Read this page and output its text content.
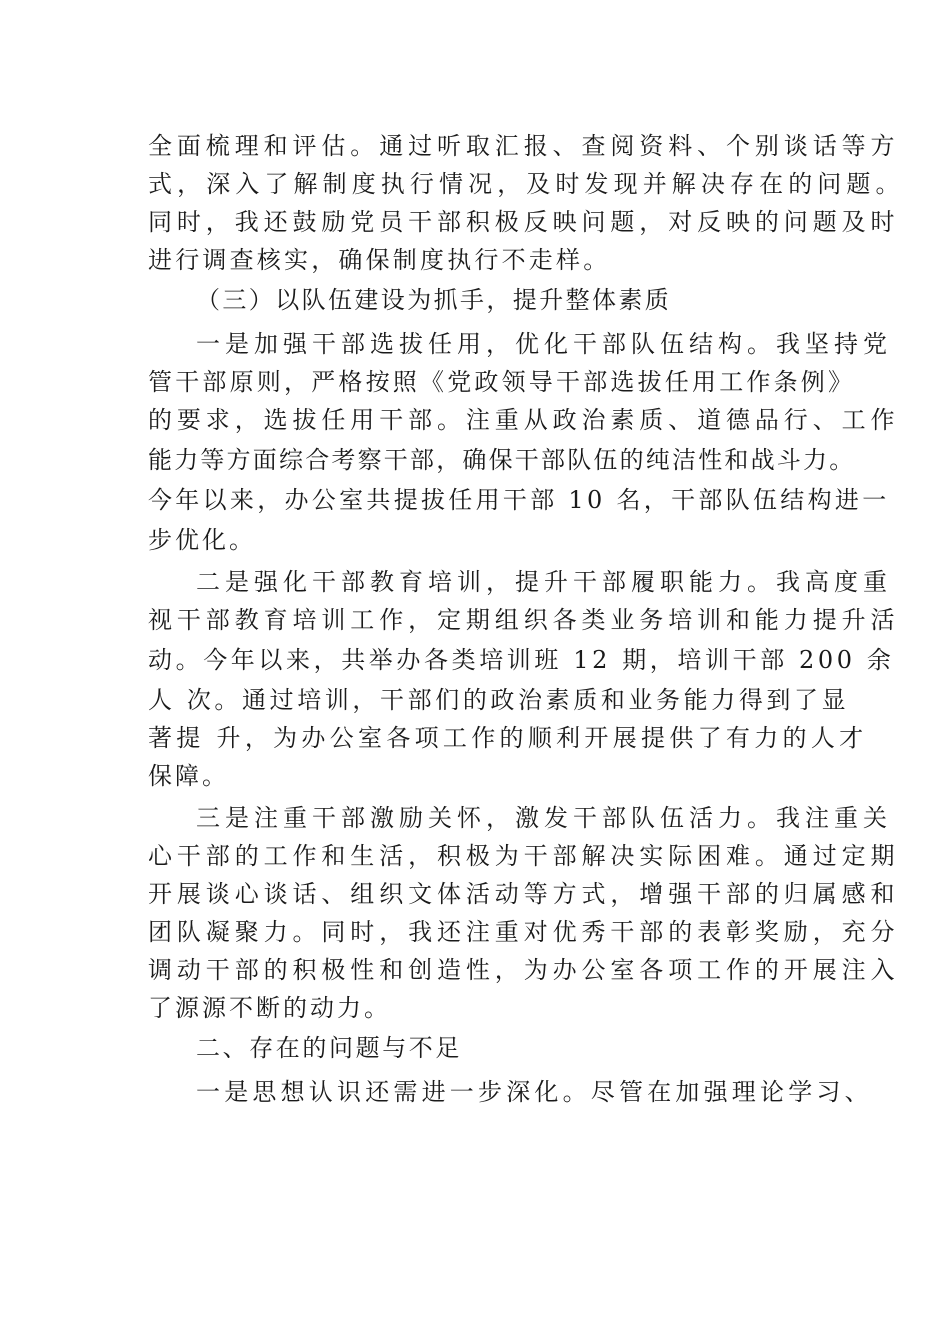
全面梳理和评估。通过听取汇报、查阅资料、个别谈话等方
式，深入了解制度执行情况，及时发现并解决存在的问题。
同时，我还鼓励党员干部积极反映问题，对反映的问题及时
进行调查核实，确保制度执行不走样。
（三）以队伍建设为抓手，提升整体素质
一是加强干部选拔任用，优化干部队伍结构。我坚持党
管干部原则，严格按照《党政领导干部选拔任用工作条例》
的要求，选拔任用干部。注重从政治素质、道德品行、工作
能力等方面综合考察干部，确保干部队伍的纯洁性和战斗力。
今年以来，办公室共提拔任用干部 10 名，干部队伍结构进一
步优化。
二是强化干部教育培训，提升干部履职能力。我高度重
视干部教育培训工作，定期组织各类业务培训和能力提升活
动。今年以来，共举办各类培训班 12 期，培训干部 200 余
人 次。通过培训，干部们的政治素质和业务能力得到了显
著提 升，为办公室各项工作的顺利开展提供了有力的人才
保障。
三是注重干部激励关怀，激发干部队伍活力。我注重关
心干部的工作和生活，积极为干部解决实际困难。通过定期
开展谈心谈话、组织文体活动等方式，增强干部的归属感和
团队凝聚力。同时，我还注重对优秀干部的表彰奖励，充分
调动干部的积极性和创造性，为办公室各项工作的开展注入
了源源不断的动力。
二、存在的问题与不足
一是思想认识还需进一步深化。尽管在加强理论学习、
